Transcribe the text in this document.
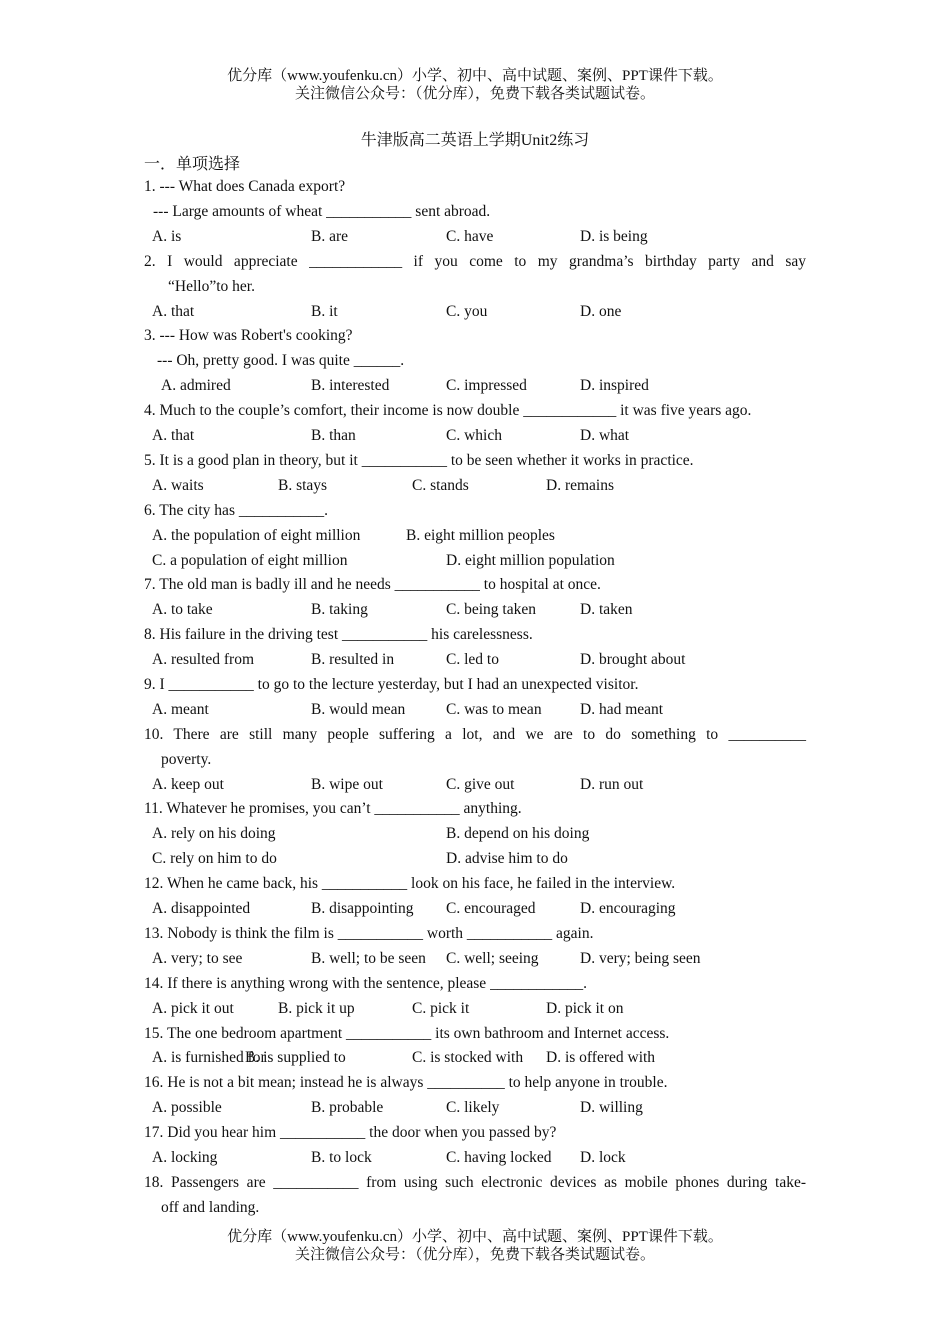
优分库（www.youfenku.cn）小学、初中、高中试题、案例、PPT课件下载。
关注微信公众号：（优分库），免费下载各类试题试卷。
牛津版高二英语上学期Unit2练习
一．单项选择
1. --- What does Canada export?
--- Large amounts of wheat ___________ sent abroad.
A. is	B. are	C. have	D. is being
2. I would appreciate ____________ if you come to my grandma’s birthday party and say
“Hello”to her.
A. that	B. it	C. you	D. one
3. --- How was Robert's cooking?
--- Oh, pretty good. I was quite ______.
A. admired	B. interested	C. impressed	D. inspired
4. Much to the couple’s comfort, their income is now double ____________ it was five years ago.
A. that	B. than	C. which	D. what
5. It is a good plan in theory, but it ___________ to be seen whether it works in practice.
A. waits	B. stays	C. stands	D. remains
6. The city has ___________.
A. the population of eight million	B. eight million peoples
C. a population of eight million	D. eight million population
7. The old man is badly ill and he needs ___________ to hospital at once.
A. to take	B. taking	C. being taken	D. taken
8. His failure in the driving test ___________ his carelessness.
A. resulted from	B. resulted in	C. led to	D. brought about
9. I ___________ to go to the lecture yesterday, but I had an unexpected visitor.
A. meant	B. would mean	C. was to mean D. had meant
10. There are still many people suffering a lot, and we are to do something to __________
poverty.
A. keep out	B. wipe out	C. give out	D. run out
11. Whatever he promises, you can’t ___________ anything.
A. rely on his doing	B. depend on his doing
C. rely on him to do	D. advise him to do
12. When he came back, his ___________ look on his face, he failed in the interview.
A. disappointed	B. disappointing C. encouraged	D. encouraging
13. Nobody is think the film is ___________ worth ___________ again.
A. very; to see	B. well; to be seen C. well; seeing	D. very; being seen
14. If there is anything wrong with the sentence, please ____________.
A. pick it out	B. pick it up	C. pick it	D. pick it on
15. The one bedroom apartment ___________ its own bathroom and Internet access.
A. is furnished for
B. is supplied to	C. is stocked with D. is offered with
16. He is not a bit mean; instead he is always __________ to help anyone in trouble.
A. possible	B. probable	C. likely	D. willing
17. Did you hear him ___________ the door when you passed by?
A. locking	B. to lock	C. having locked D. lock
18. Passengers are ___________ from using such electronic devices as mobile phones during take-
off and landing.
优分库（www.youfenku.cn）小学、初中、高中试题、案例、PPT课件下载。
关注微信公众号：（优分库），免费下载各类试题试卷。
